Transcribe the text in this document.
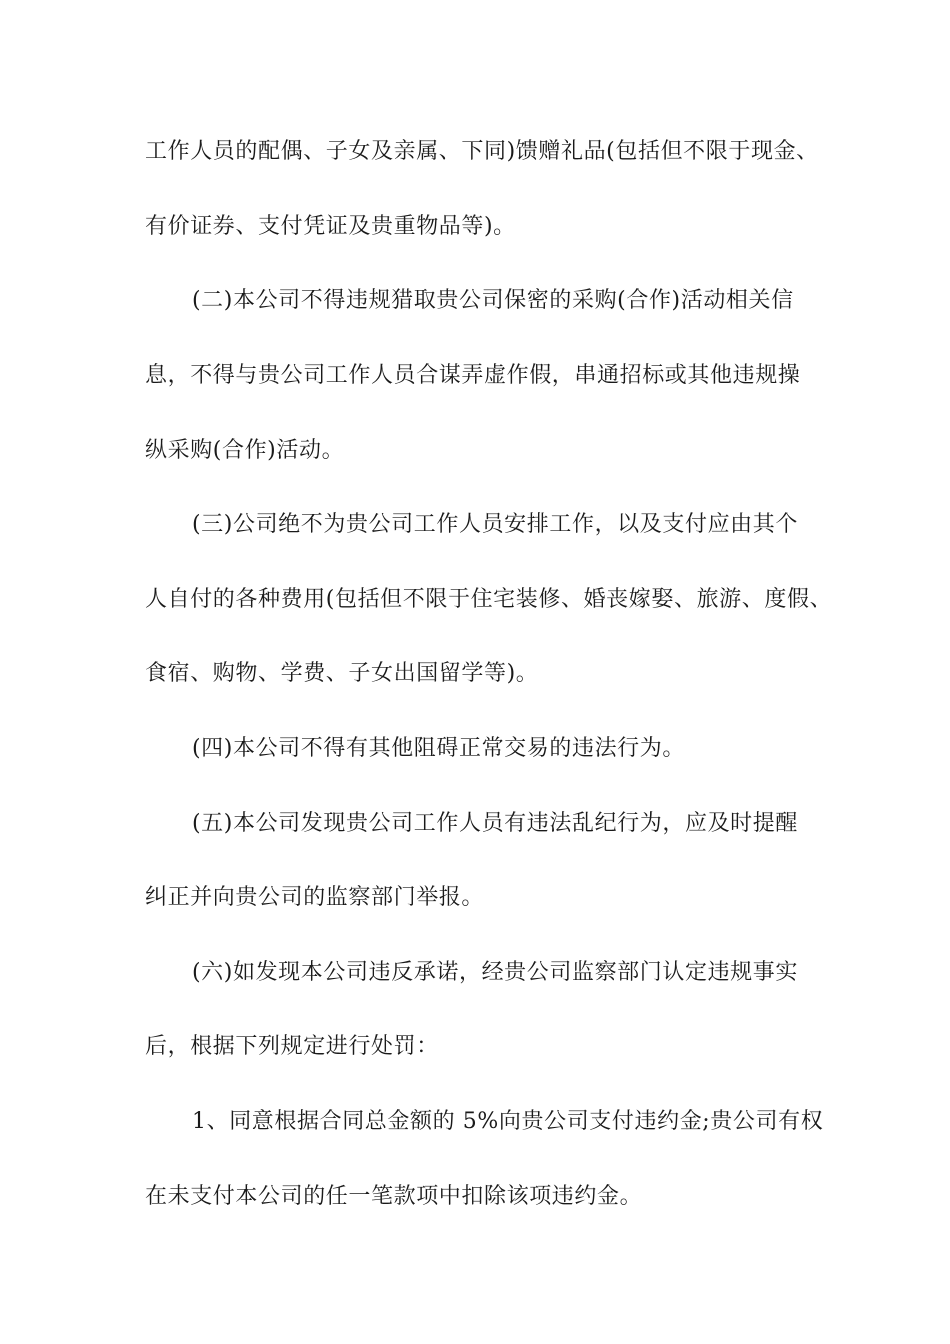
工作人员的配偶、子女及亲属、下同)馈赠礼品(包括但不限于现金、
有价证券、支付凭证及贵重物品等)。
(二)本公司不得违规猎取贵公司保密的采购(合作)活动相关信
息，不得与贵公司工作人员合谋弄虚作假，串通招标或其他违规操
纵采购(合作)活动。
(三)公司绝不为贵公司工作人员安排工作，以及支付应由其个
人自付的各种费用(包括但不限于住宅装修、婚丧嫁娶、旅游、度假、
食宿、购物、学费、子女出国留学等)。
(四)本公司不得有其他阻碍正常交易的违法行为。
(五)本公司发现贵公司工作人员有违法乱纪行为，应及时提醒
纠正并向贵公司的监察部门举报。
(六)如发现本公司违反承诺，经贵公司监察部门认定违规事实
后，根据下列规定进行处罚：
1、同意根据合同总金额的 5%向贵公司支付违约金;贵公司有权
在未支付本公司的任一笔款项中扣除该项违约金。
